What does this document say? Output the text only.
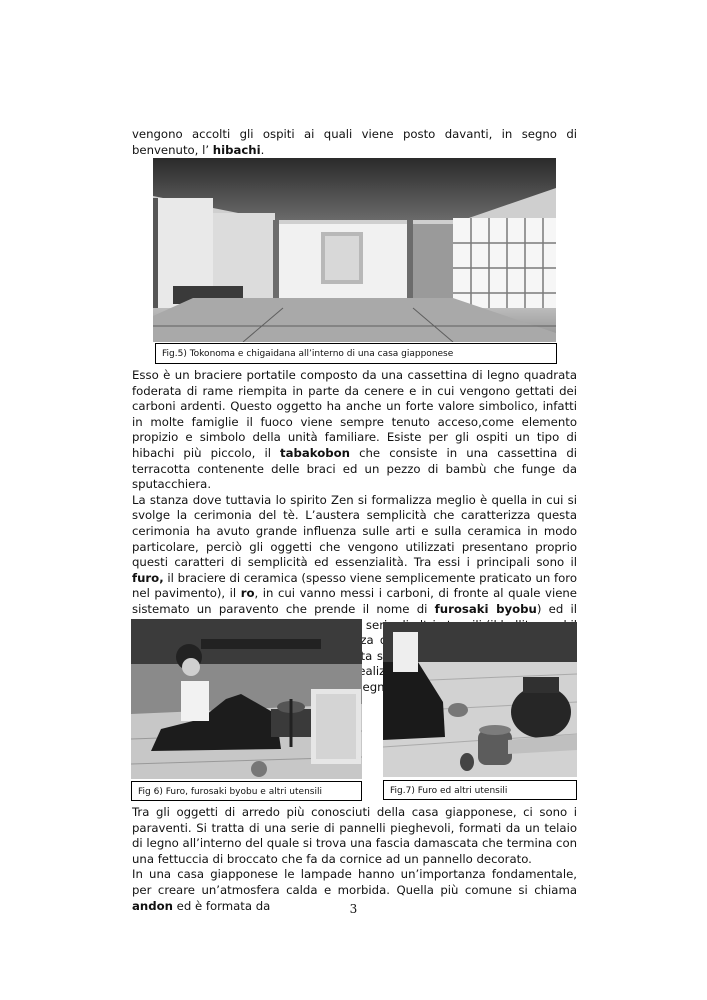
vengono accolti gli ospiti ai quali viene posto davanti, in segno di benvenuto, l’ hibachi.

Fig.5) Tokonoma e chigaidana all’interno di una casa giapponese

Esso è un braciere portatile composto da una cassettina di legno quadrata foderata di rame riempita in parte da cenere e in cui vengono gettati dei carboni ardenti. Questo oggetto ha anche un forte valore simbolico, infatti in molte famiglie il fuoco viene sempre tenuto acceso,come elemento propizio e simbolo della unità familiare. Esiste per gli ospiti un tipo di hibachi più piccolo, il tabakobon che consiste in una cassettina di terracotta contenente delle braci ed un pezzo di bambù che funge da sputacchiera.

La stanza dove tuttavia lo spirito Zen si formalizza meglio è quella in cui si svolge la cerimonia del tè. L’austera semplicità che caratterizza questa cerimonia ha avuto grande influenza sulle arti e sulla ceramica in modo particolare, perciò gli oggetti che vengono utilizzati presentano proprio questi caratteri di semplicità ed essenzialità. Tra essi i principali sono il furo, il braciere di ceramica (spesso viene semplicemente praticato un foro nel pavimento), il ro, in cui vanno messi i carboni, di fronte al quale viene sistemato un paravento che prende il nome di furosaki byobu) ed il serie realizzati legni

Fig 6) Furo, furosaki byobu e altri utensili	Fig.7) Furo ed altri utensili

Tra gli oggetti di arredo più conosciuti della casa giapponese, ci sono i paraventi. Si tratta di una serie di pannelli pieghevoli, formati da un telaio di legno all’interno del quale si trova una fascia damascata che termina con una fettuccia di broccato che fa da cornice ad un pannello decorato.

In una casa giapponese le lampade hanno un’importanza fondamentale, per creare un’atmosfera calda e morbida. Quella più comune si chiama andon ed è formata da	3
